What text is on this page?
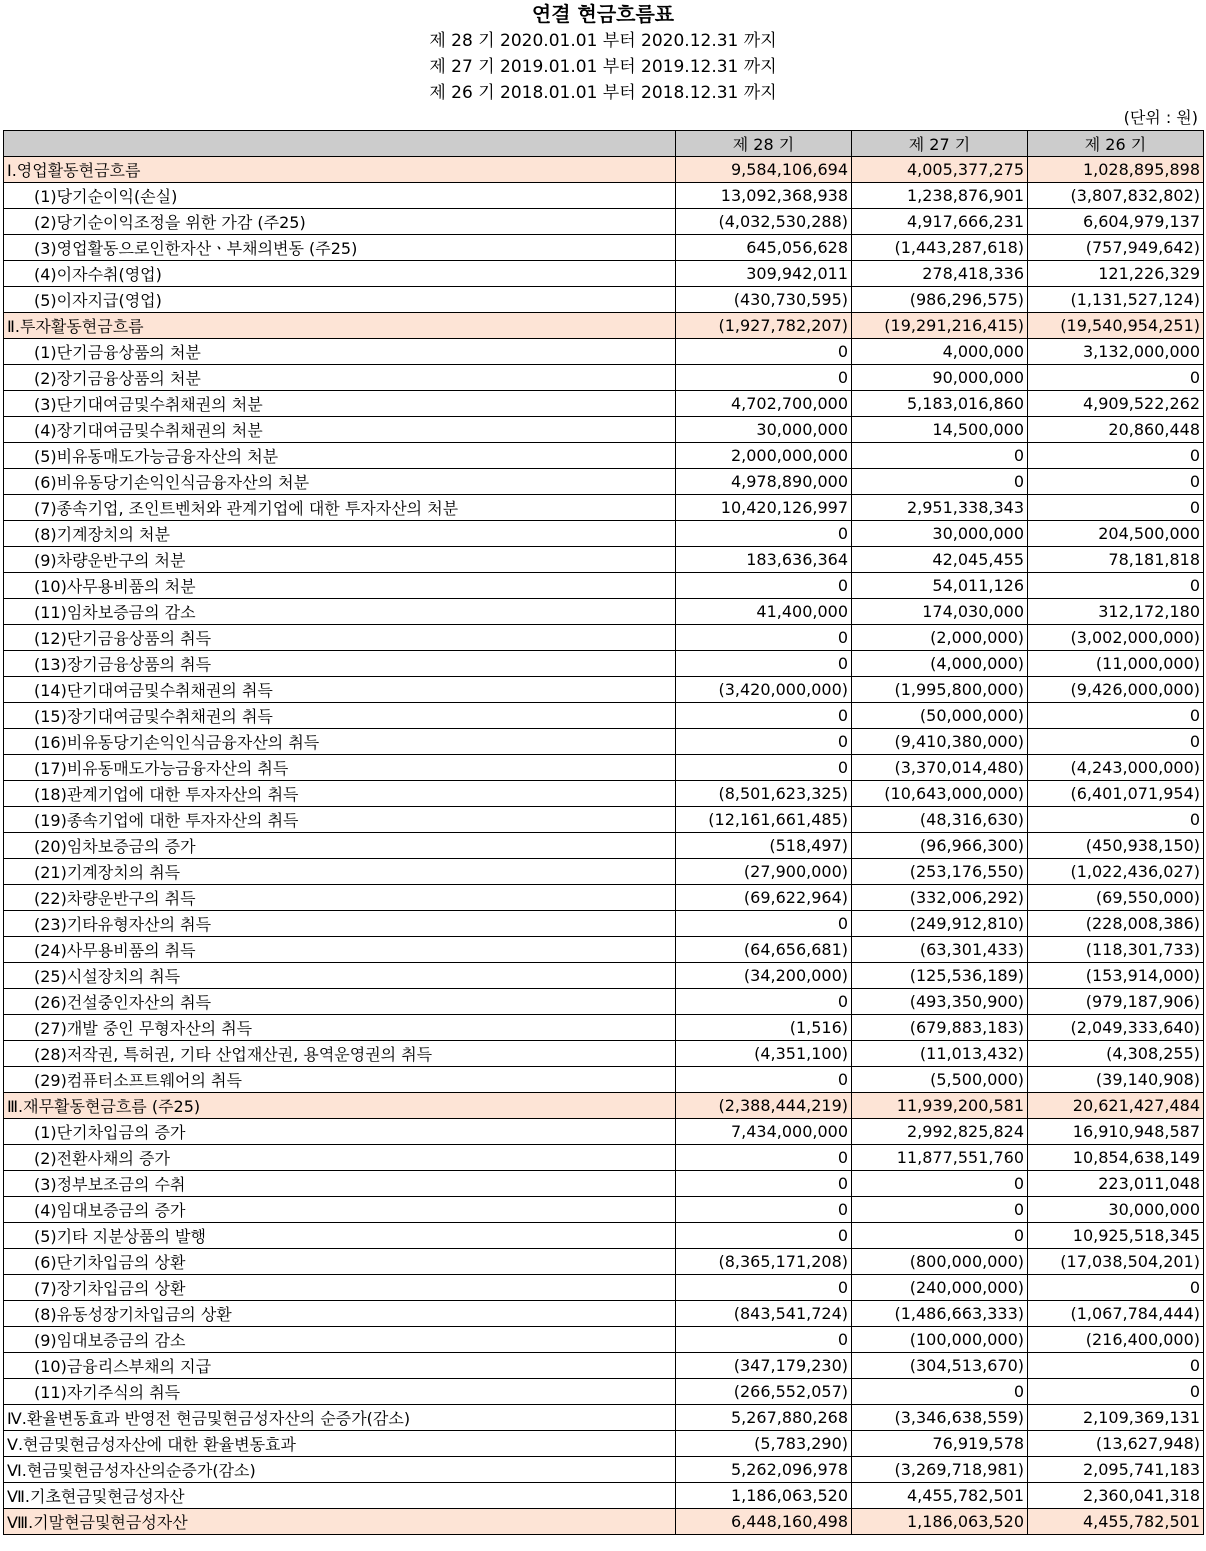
연결 현금흐름표
제 28 기 2020.01.01 부터 2020.12.31 까지
제 27 기 2019.01.01 부터 2019.12.31 까지
제 26 기 2018.01.01 부터 2018.12.31 까지
(단위 : 원)
	제 28 기	제 27 기	제 26 기
Ⅰ.영업활동현금흐름	9,584,106,694	4,005,377,275	1,028,895,898
(1)당기순이익(손실)	13,092,368,938	1,238,876,901	(3,807,832,802)
(2)당기순이익조정을 위한 가감 (주25)	(4,032,530,288)	4,917,666,231	6,604,979,137
(3)영업활동으로인한자산ㆍ부채의변동 (주25)	645,056,628	(1,443,287,618)	(757,949,642)
(4)이자수취(영업)	309,942,011	278,418,336	121,226,329
(5)이자지급(영업)	(430,730,595)	(986,296,575)	(1,131,527,124)
Ⅱ.투자활동현금흐름	(1,927,782,207)	(19,291,216,415)	(19,540,954,251)
(1)단기금융상품의 처분	0	4,000,000	3,132,000,000
(2)장기금융상품의 처분	0	90,000,000	0
(3)단기대여금및수취채권의 처분	4,702,700,000	5,183,016,860	4,909,522,262
(4)장기대여금및수취채권의 처분	30,000,000	14,500,000	20,860,448
(5)비유동매도가능금융자산의 처분	2,000,000,000	0	0
(6)비유동당기손익인식금융자산의 처분	4,978,890,000	0	0
(7)종속기업, 조인트벤처와 관계기업에 대한 투자자산의 처분	10,420,126,997	2,951,338,343	0
(8)기계장치의 처분	0	30,000,000	204,500,000
(9)차량운반구의 처분	183,636,364	42,045,455	78,181,818
(10)사무용비품의 처분	0	54,011,126	0
(11)임차보증금의 감소	41,400,000	174,030,000	312,172,180
(12)단기금융상품의 취득	0	(2,000,000)	(3,002,000,000)
(13)장기금융상품의 취득	0	(4,000,000)	(11,000,000)
(14)단기대여금및수취채권의 취득	(3,420,000,000)	(1,995,800,000)	(9,426,000,000)
(15)장기대여금및수취채권의 취득	0	(50,000,000)	0
(16)비유동당기손익인식금융자산의 취득	0	(9,410,380,000)	0
(17)비유동매도가능금융자산의 취득	0	(3,370,014,480)	(4,243,000,000)
(18)관계기업에 대한 투자자산의 취득	(8,501,623,325)	(10,643,000,000)	(6,401,071,954)
(19)종속기업에 대한 투자자산의 취득	(12,161,661,485)	(48,316,630)	0
(20)임차보증금의 증가	(518,497)	(96,966,300)	(450,938,150)
(21)기계장치의 취득	(27,900,000)	(253,176,550)	(1,022,436,027)
(22)차량운반구의 취득	(69,622,964)	(332,006,292)	(69,550,000)
(23)기타유형자산의 취득	0	(249,912,810)	(228,008,386)
(24)사무용비품의 취득	(64,656,681)	(63,301,433)	(118,301,733)
(25)시설장치의 취득	(34,200,000)	(125,536,189)	(153,914,000)
(26)건설중인자산의 취득	0	(493,350,900)	(979,187,906)
(27)개발 중인 무형자산의 취득	(1,516)	(679,883,183)	(2,049,333,640)
(28)저작권, 특허권, 기타 산업재산권, 용역운영권의 취득	(4,351,100)	(11,013,432)	(4,308,255)
(29)컴퓨터소프트웨어의 취득	0	(5,500,000)	(39,140,908)
Ⅲ.재무활동현금흐름 (주25)	(2,388,444,219)	11,939,200,581	20,621,427,484
(1)단기차입금의 증가	7,434,000,000	2,992,825,824	16,910,948,587
(2)전환사채의 증가	0	11,877,551,760	10,854,638,149
(3)정부보조금의 수취	0	0	223,011,048
(4)임대보증금의 증가	0	0	30,000,000
(5)기타 지분상품의 발행	0	0	10,925,518,345
(6)단기차입금의 상환	(8,365,171,208)	(800,000,000)	(17,038,504,201)
(7)장기차입금의 상환	0	(240,000,000)	0
(8)유동성장기차입금의 상환	(843,541,724)	(1,486,663,333)	(1,067,784,444)
(9)임대보증금의 감소	0	(100,000,000)	(216,400,000)
(10)금융리스부채의 지급	(347,179,230)	(304,513,670)	0
(11)자기주식의 취득	(266,552,057)	0	0
Ⅳ.환율변동효과 반영전 현금및현금성자산의 순증가(감소)	5,267,880,268	(3,346,638,559)	2,109,369,131
Ⅴ.현금및현금성자산에 대한 환율변동효과	(5,783,290)	76,919,578	(13,627,948)
Ⅵ.현금및현금성자산의순증가(감소)	5,262,096,978	(3,269,718,981)	2,095,741,183
Ⅶ.기초현금및현금성자산	1,186,063,520	4,455,782,501	2,360,041,318
Ⅷ.기말현금및현금성자산	6,448,160,498	1,186,063,520	4,455,782,501
